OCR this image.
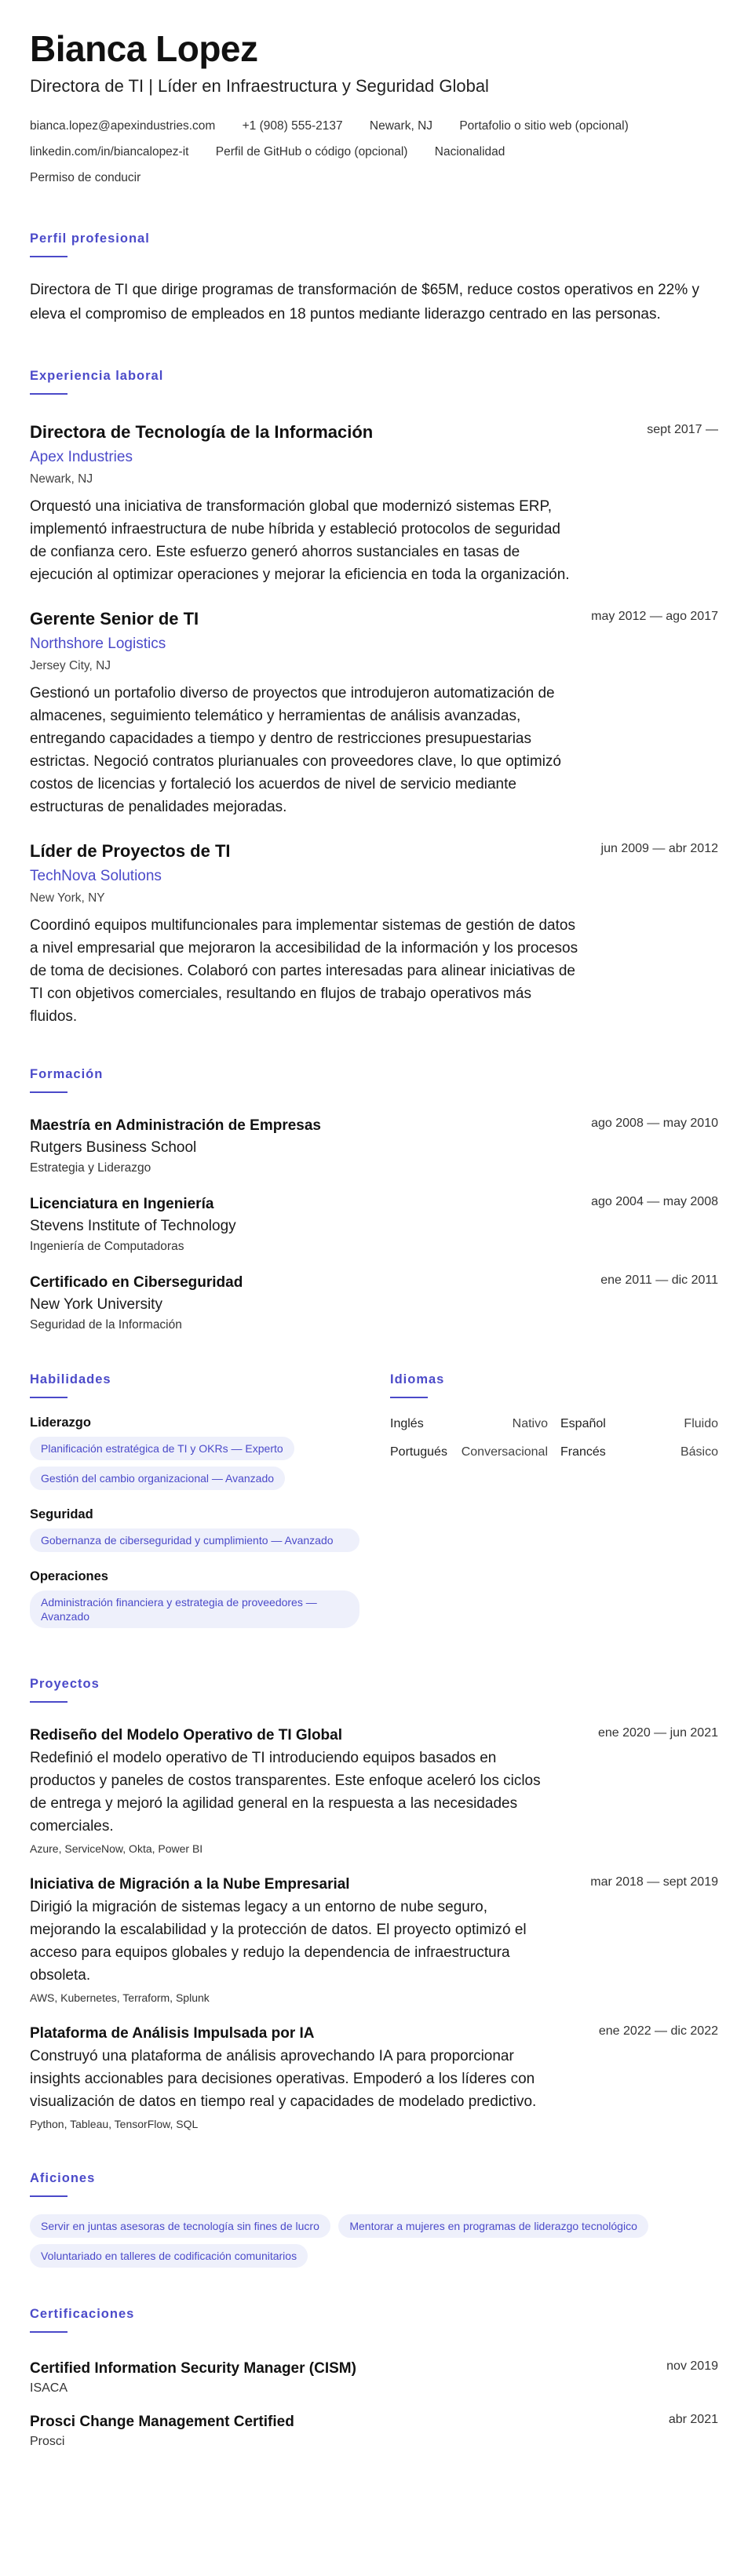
Bianca Lopez
Directora de TI | Líder en Infraestructura y Seguridad Global
bianca.lopez@apexindustries.com +1 (908) 555-2137 Newark, NJ Portafolio o sitio web (opcional)
linkedin.com/in/biancalopez-it Perfil de GitHub o código (opcional) Nacionalidad
Permiso de conducir
Perfil profesional
Directora de TI que dirige programas de transformación de $65M, reduce costos operativos en 22% y eleva el compromiso de empleados en 18 puntos mediante liderazgo centrado en las personas.
Experiencia laboral
Directora de Tecnología de la Información	sept 2017 —
Apex Industries
Newark, NJ
Orquestó una iniciativa de transformación global que modernizó sistemas ERP, implementó infraestructura de nube híbrida y estableció protocolos de seguridad de confianza cero. Este esfuerzo generó ahorros sustanciales en tasas de ejecución al optimizar operaciones y mejorar la eficiencia en toda la organización.
Gerente Senior de TI	may 2012 — ago 2017
Northshore Logistics
Jersey City, NJ
Gestionó un portafolio diverso de proyectos que introdujeron automatización de almacenes, seguimiento telemático y herramientas de análisis avanzadas, entregando capacidades a tiempo y dentro de restricciones presupuestarias estrictas. Negoció contratos plurianuales con proveedores clave, lo que optimizó costos de licencias y fortaleció los acuerdos de nivel de servicio mediante estructuras de penalidades mejoradas.
Líder de Proyectos de TI	jun 2009 — abr 2012
TechNova Solutions
New York, NY
Coordinó equipos multifuncionales para implementar sistemas de gestión de datos a nivel empresarial que mejoraron la accesibilidad de la información y los procesos de toma de decisiones. Colaboró con partes interesadas para alinear iniciativas de TI con objetivos comerciales, resultando en flujos de trabajo operativos más fluidos.
Formación
Maestría en Administración de Empresas	ago 2008 — may 2010
Rutgers Business School
Estrategia y Liderazgo
Licenciatura en Ingeniería	ago 2004 — may 2008
Stevens Institute of Technology
Ingeniería de Computadoras
Certificado en Ciberseguridad	ene 2011 — dic 2011
New York University
Seguridad de la Información
Habilidades
Liderazgo
Planificación estratégica de TI y OKRs — Experto
Gestión del cambio organizacional — Avanzado
Seguridad
Gobernanza de ciberseguridad y cumplimiento — Avanzado
Operaciones
Administración financiera y estrategia de proveedores — Avanzado
Idiomas
Inglés	Nativo Español	Fluido
Portugués Conversacional Francés	Básico
Proyectos
Rediseño del Modelo Operativo de TI Global	ene 2020 — jun 2021
Redefinió el modelo operativo de TI introduciendo equipos basados en productos y paneles de costos transparentes. Este enfoque aceleró los ciclos de entrega y mejoró la agilidad general en la respuesta a las necesidades comerciales.
Azure, ServiceNow, Okta, Power BI
Iniciativa de Migración a la Nube Empresarial	mar 2018 — sept 2019
Dirigió la migración de sistemas legacy a un entorno de nube seguro, mejorando la escalabilidad y la protección de datos. El proyecto optimizó el acceso para equipos globales y redujo la dependencia de infraestructura obsoleta.
AWS, Kubernetes, Terraform, Splunk
Plataforma de Análisis Impulsada por IA	ene 2022 — dic 2022
Construyó una plataforma de análisis aprovechando IA para proporcionar insights accionables para decisiones operativas. Empoderó a los líderes con visualización de datos en tiempo real y capacidades de modelado predictivo.
Python, Tableau, TensorFlow, SQL
Aficiones
Servir en juntas asesoras de tecnología sin fines de lucro	Mentorar a mujeres en programas de liderazgo tecnológico
Voluntariado en talleres de codificación comunitarios
Certificaciones
Certified Information Security Manager (CISM)	nov 2019
ISACA
Prosci Change Management Certified	abr 2021
Prosci
